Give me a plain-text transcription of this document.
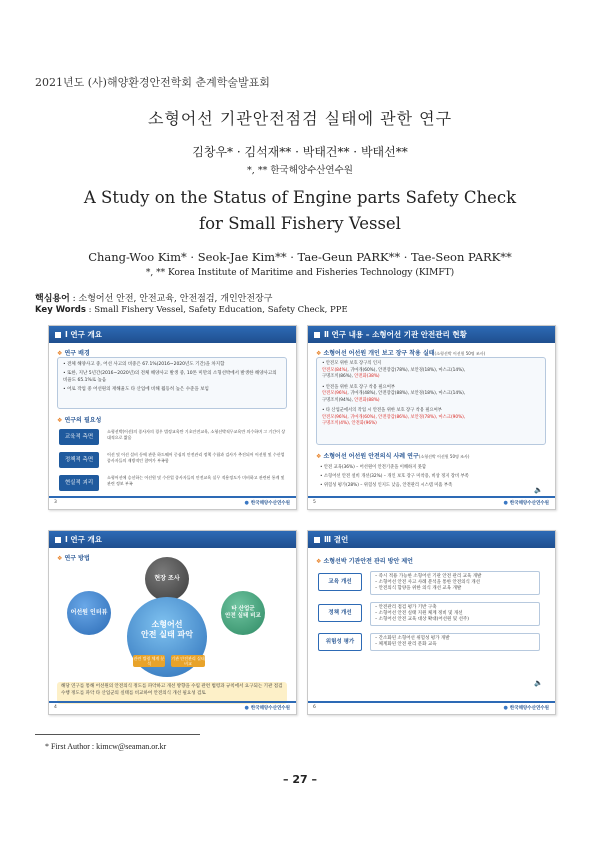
2021년도 (사)해양환경안전학회 춘계학술발표회
소형어선 기관안전점검 실태에 관한 연구
김창우* · 김석재** · 박태건** · 박태선**
*, ** 한국해양수산연수원
A Study on the Status of Engine parts Safety Check
for Small Fishery Vessel
Chang-Woo Kim* · Seok-Jae Kim** · Tae-Geun PARK** · Tae-Seon PARK**
*, ** Korea Institute of Maritime and Fisheries Technology (KIMFT)
핵심용어 : 소형어선 안전, 안전교육, 안전점검, 개인안전장구
Key Words : Small Fishery Vessel, Safety Education, Safety Check, PPE
Ⅰ 연구 개요
❖ 연구 배경

• 전체 해양사고 중, 어선 사고의 비중은 67.1%(2016~2020년도 기간)을 차지함

• 또한, 지난 5년간(2016~2020년)의 전체 해양사고 발생 중, 10톤 미만의 소형선박에서 발생한 해양사고의 비율도 65.1%로 높음

• 어로 작업 중 어선원의 재해율도 타 산업에 비해 월등히 높은 수준을 보임

❖ 연구의 필요성
교육적 측면
소형선박(어선)의 종사자의 경우 법정교육만 기초안전교육, 소형선박직무교육만 의수하며 그 기간이 상대적으로 짧음
정책적 측면
어선 및 어선 설비 등에 관한 하드웨어 중심의 안전관리 정책 수립과 검사가 추진되어 어선원 및 수산업 종사자들의 재방적인 참여가 부족함
현실적 괴리
소형어선에 승선하는 어선원 및 수산업 종사자들의 안전교육 실무 적용정도가 미비하고 관련된 통계 및 관련 정보 부족
3	● 한국해양수산연수원
Ⅱ 연구 내용 – 소형어선 기관 안전관리 현황
❖ 소형어선 어선원 개인 보고 장구 착용 실태(소형선박 어선원 50명 조사)
• 안전모 위한 보호 장구의 인지
안전모(84%), 귀마개(60%), 안전장갑(78%), 보안경(18%), 마스크(14%),
구명조끼(86%), 안전화(38%)
• 안전을 위한 보호 장구 착용 필요여부
안전모(96%), 귀마개(48%), 안전장갑(88%), 보안경(18%), 마스크(14%),
구명조끼(94%), 안전화(88%)
• 타 산업군에서의 작업 시 안전을 위한 보호 장구 착용 필요여부
안전모(96%), 귀마개(60%), 안전장갑(86%), 보안경(78%), 마스크(90%),
구명조끼(4%), 안전화(96%)
❖ 소형어선 어선원 안전의식 사례 연구(소형선박 어선원 50명 조사)
• 안전 교육(36%) – 어선원이 안전기준을 이해하지 못함
• 소형어선 안전 설비 개선(32%) – 개인 보호 장구 미착용, 비상 정지 장비 부족
• 위험성 평가(28%) – 위험성 인지도 낮음, 안전관리 시스템 미흡 부족
🔈
5	● 한국해양수산연수원
Ⅰ 연구 개요
❖ 연구 방법
현장 조사
어선원 인터뷰	타 산업군
안전 실태 비교
소형어선
안전 실태 파악
관련 법령 체계 분석
기관 안전관리 실태 비교
해당 연구를 통해 어선원의 안전의식 정도를 파악하고 개선 방향을 수립 관련 법령과 규칙에서 요구되는 기관 점검 수행 정도를 파악 타 산업군의 실태를 비교하여 안전의식 개선 필요성 검토
4	● 한국해양수산연수원
Ⅲ 결언
❖ 소형선박 기관안전 관리 방안 제언
교육 개선
– 즉시 적용 가능한 소형어선 기관 안전 관리 교육 개발
– 소형어선 안전 사고 사례 분석을 통한 안전의식 개선
– 안전의식 함양을 위한 의식 개선 교육 개발
정책 개선
– 안전관리 점검 평가 기반 구축
– 소형어선 안전 실태 지원 체계 정비 및 개선
– 소형어선 안전 교육 대상 확대(어선원 및 선주)
위험성 평가
– 간소화된 소형어선 위험성 평가 개발
– 체계화된 안전 관리 문화 교육
🔈
6	● 한국해양수산연수원
* First Author : kimcw@seaman.or.kr
– 27 –
